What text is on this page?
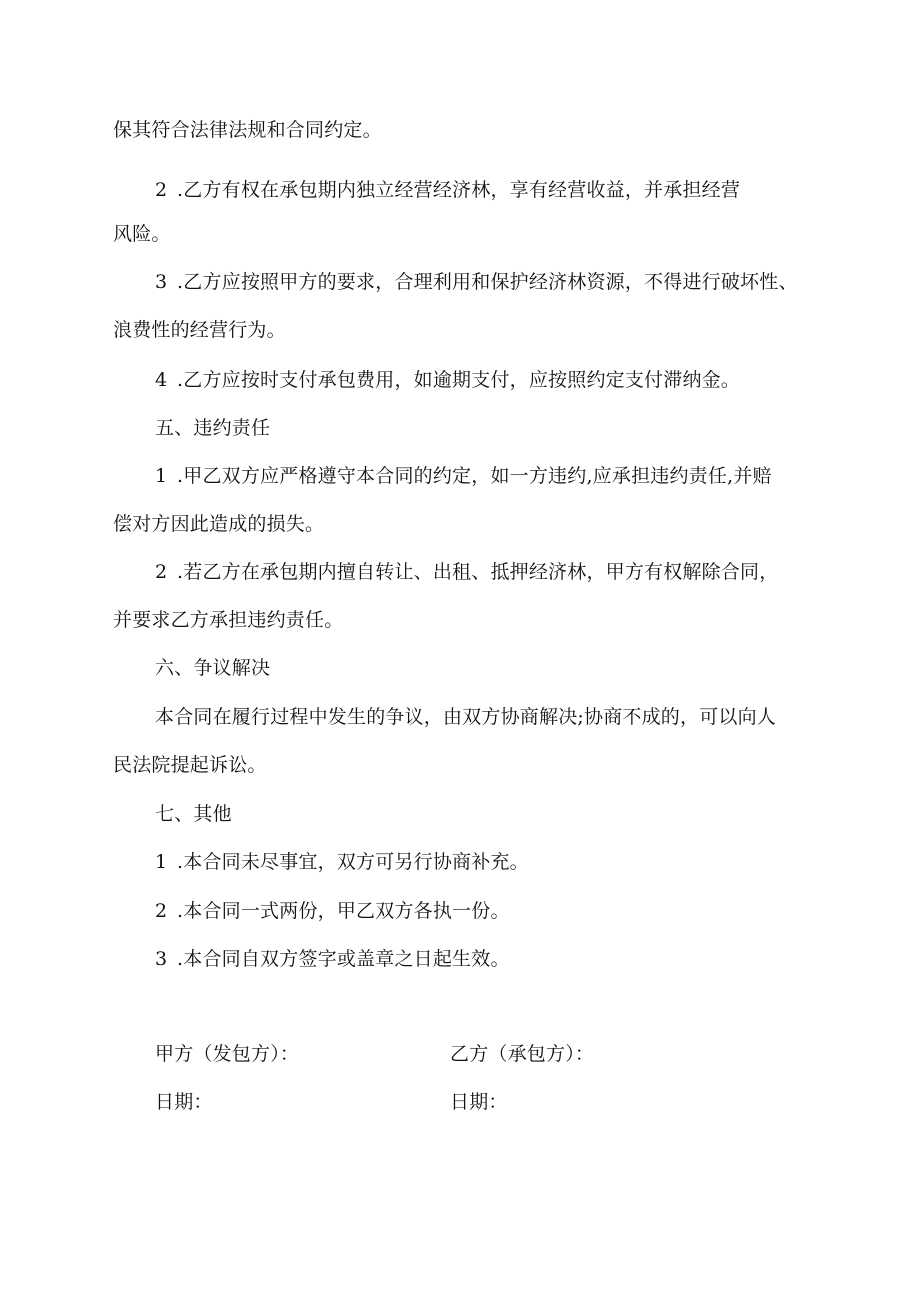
保其符合法律法规和合同约定。
2 .乙方有权在承包期内独立经营经济林，享有经营收益，并承担经营
风险。
3 .乙方应按照甲方的要求，合理利用和保护经济林资源，不得进行破坏性、
浪费性的经营行为。
4 .乙方应按时支付承包费用，如逾期支付，应按照约定支付滞纳金。
五、违约责任
1 .甲乙双方应严格遵守本合同的约定，如一方违约,应承担违约责任,并赔
偿对方因此造成的损失。
2 .若乙方在承包期内擅自转让、出租、抵押经济林，甲方有权解除合同，
并要求乙方承担违约责任。
六、争议解决
本合同在履行过程中发生的争议，由双方协商解决;协商不成的，可以向人
民法院提起诉讼。
七、其他
1 .本合同未尽事宜，双方可另行协商补充。
2 .本合同一式两份，甲乙双方各执一份。
3 .本合同自双方签字或盖章之日起生效。
甲方（发包方）：	乙方（承包方）：
日期：	日期：
